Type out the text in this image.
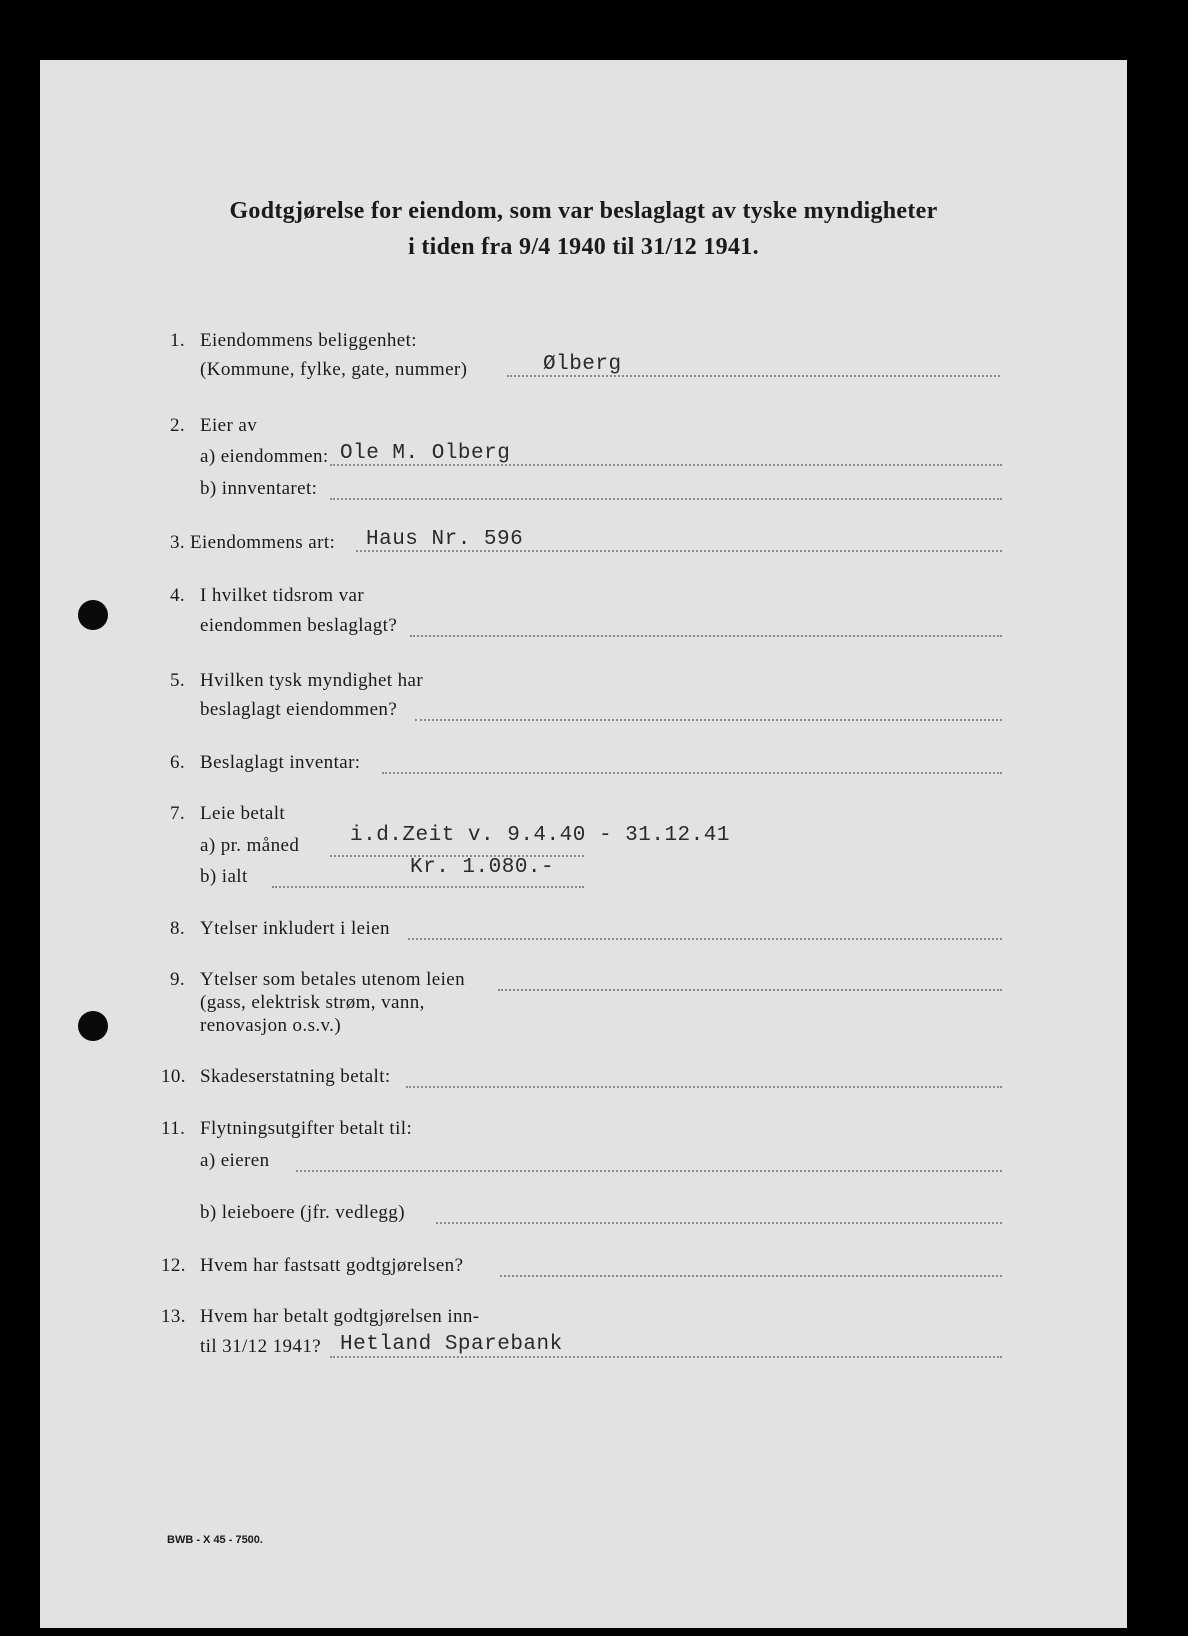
Godtgjørelse for eiendom, som var beslaglagt av tyske myndigheter
i tiden fra 9/4 1940 til 31/12 1941.
1. Eiendommens beliggenhet:
(Kommune, fylke, gate, nummer)	Ølberg
2. Eier av
a) eiendommen: Ole M. Olberg
b) innventaret:
3. Eiendommens art: Haus Nr. 596
4. I hvilket tidsrom var
eiendommen beslaglagt?
5. Hvilken tysk myndighet har
beslaglagt eiendommen?
6. Beslaglagt inventar:
7. Leie betalt
a) pr. måned i.d.Zeit v. 9.4.40 - 31.12.41
b) ialt	Kr. 1.080.-
8. Ytelser inkludert i leien
9. Ytelser som betales utenom leien
(gass, elektrisk strøm, vann,
renovasjon o.s.v.)
10. Skadeserstatning betalt:
11. Flytningsutgifter betalt til:
a) eieren
b) leieboere (jfr. vedlegg)
12. Hvem har fastsatt godtgjørelsen?
13. Hvem har betalt godtgjørelsen inn-
til 31/12 1941? Hetland Sparebank
BWB - X 45 - 7500.
